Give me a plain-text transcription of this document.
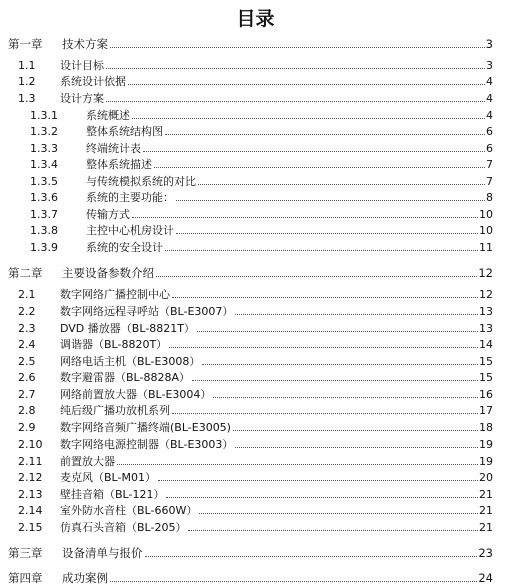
目录
第一章	技术方案	3
1.1	设计目标	3
1.2	系统设计依据	4
1.3	设计方案	4
1.3.1	系统概述	4
1.3.2	整体系统结构图	6
1.3.3	终端统计表	6
1.3.4	整体系统描述	7
1.3.5	与传统模拟系统的对比	7
1.3.6	系统的主要功能：	8
1.3.7	传输方式	10
1.3.8	主控中心机房设计	10
1.3.9	系统的安全设计	11
第二章	主要设备参数介绍	12
2.1	数字网络广播控制中心	12
2.2	数字网络远程寻呼站（BL-E3007）	13
2.3	DVD 播放器（BL-8821T）	13
2.4	调谐器（BL-8820T）	14
2.5	网络电话主机（BL-E3008）	15
2.6	数字避雷器（BL-8828A）	15
2.7	网络前置放大器（BL-E3004）	16
2.8	纯后级广播功放机系列	17
2.9	数字网络音频广播终端(BL-E3005)	18
2.10	数字网络电源控制器（BL-E3003）	19
2.11	前置放大器	19
2.12	麦克风（BL-M01）	20
2.13	壁挂音箱（BL-121）	21
2.14	室外防水音柱（BL-660W）	21
2.15	仿真石头音箱（BL-205）	21
第三章	设备清单与报价	23
第四章	成功案例	24
